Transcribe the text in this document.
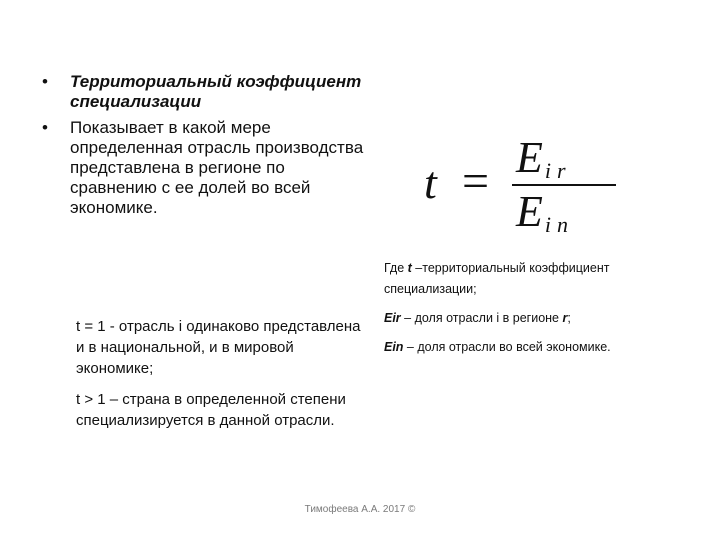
• Территориальный коэффициент специализации
• Показывает в какой мере определенная отрасль производства представлена в регионе по сравнению с ее долей во всей экономике.	t = Eir
Ein

Где t –территориальный коэффициент специализации;

Eir – доля отрасли i в регионе r;

Ein – доля отрасли во всей экономике.

t = 1 - отрасль i одинаково представлена и в национальной, и в мировой экономике;

t > 1 – страна в определенной степени специализируется в данной отрасли.

Тимофеева А.А. 2017 ©
